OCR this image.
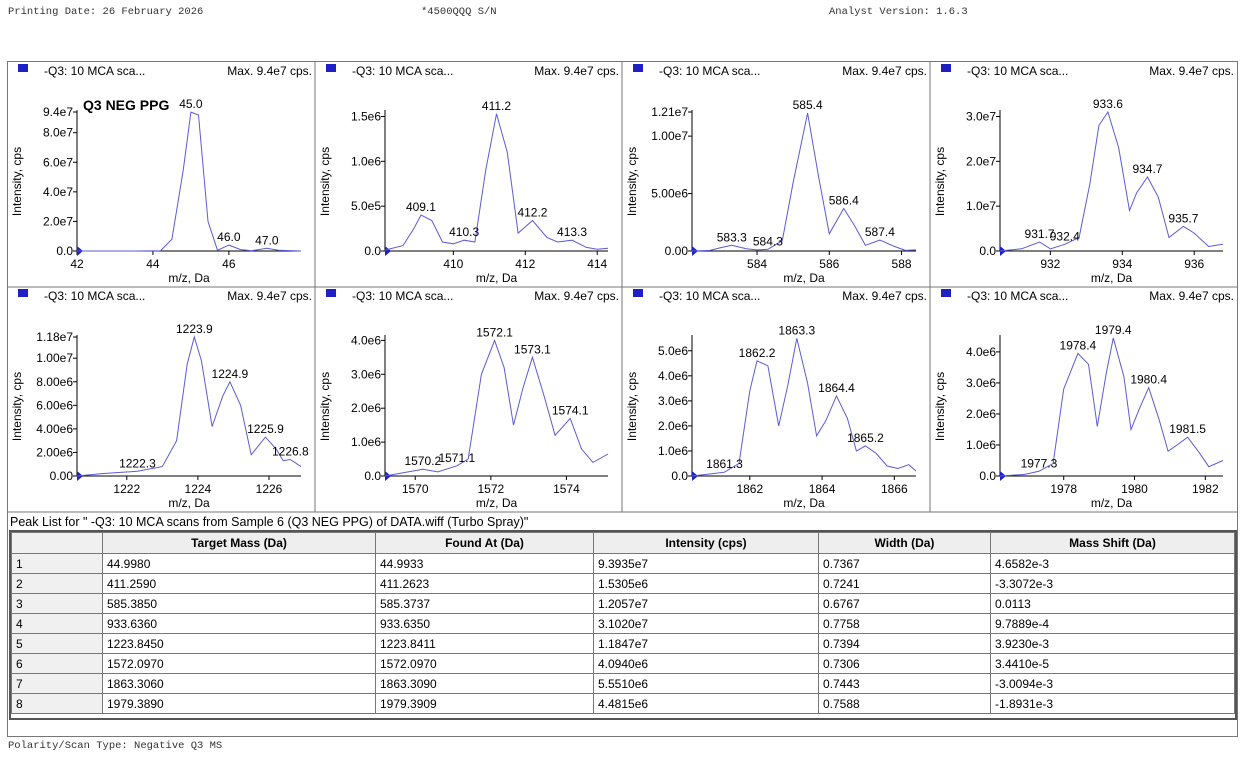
Printing Date: 26 February 2026	*4500QQQ S/N	Analyst Version: 1.6.3
-Q3: 10 MCA sca...	Max. 9.4e7 cps.
0.0
2.0e7
4.0e7
6.0e7
8.0e7
9.4e7
42	44	46
m/z, Da
Intensity, cps
45.0
46.0 47.0
Q3 NEG PPG
-Q3: 10 MCA sca...	Max. 9.4e7 cps.
0.0
5.0e5
1.0e6
1.5e6
410	412	414
m/z, Da
Intensity, cps	409.1
410.3
411.2
412.2
413.3
-Q3: 10 MCA sca...	Max. 9.4e7 cps.
0.00
5.00e6
1.00e7
1.21e7
584	586	588
m/z, Da
Intensity, cps
583.3 584.3
585.4
586.4
587.4
-Q3: 10 MCA sca...	Max. 9.4e7 cps.
0.0
1.0e7
2.0e7
3.0e7
932	934	936
m/z, Da
Intensity, cps
931.7
932.4
933.6
934.7
935.7
-Q3: 10 MCA sca...	Max. 9.4e7 cps.
0.00
2.00e6
4.00e6
6.00e6
8.00e6
1.00e7
1.18e7
1222	1224	1226
m/z, Da
Intensity, cps
1222.3
1223.9
1224.9
1225.9
1226.8
-Q3: 10 MCA sca...	Max. 9.4e7 cps.
0.0
1.0e6
2.0e6
3.0e6
4.0e6
1570	1572	1574
m/z, Da
Intensity, cps
1570.2
1571.1
1572.1
1573.1
1574.1
-Q3: 10 MCA sca...	Max. 9.4e7 cps.
0.0
1.0e6
2.0e6
3.0e6
4.0e6
5.0e6
1862	1864	1866
m/z, Da
Intensity, cps
1861.3
1862.2
1863.3
1864.4
1865.2
-Q3: 10 MCA sca...	Max. 9.4e7 cps.
0.0
1.0e6
2.0e6
3.0e6
4.0e6
1978	1980	1982
m/z, Da
Intensity, cps
1977.3
1978.4
1979.4
1980.4
1981.5
Peak List for " -Q3: 10 MCA scans from Sample 6 (Q3 NEG PPG) of DATA.wiff (Turbo Spray)"
	Target Mass (Da)	Found At (Da)	Intensity (cps)	Width (Da)	Mass Shift (Da)
1	44.9980	44.9933	9.3935e7	0.7367	4.6582e-3
2	411.2590	411.2623	1.5305e6	0.7241	-3.3072e-3
3	585.3850	585.3737	1.2057e7	0.6767	0.0113
4	933.6360	933.6350	3.1020e7	0.7758	9.7889e-4
5	1223.8450	1223.8411	1.1847e7	0.7394	3.9230e-3
6	1572.0970	1572.0970	4.0940e6	0.7306	3.4410e-5
7	1863.3060	1863.3090	5.5510e6	0.7443	-3.0094e-3
8	1979.3890	1979.3909	4.4815e6	0.7588	-1.8931e-3
Polarity/Scan Type: Negative Q3 MS
